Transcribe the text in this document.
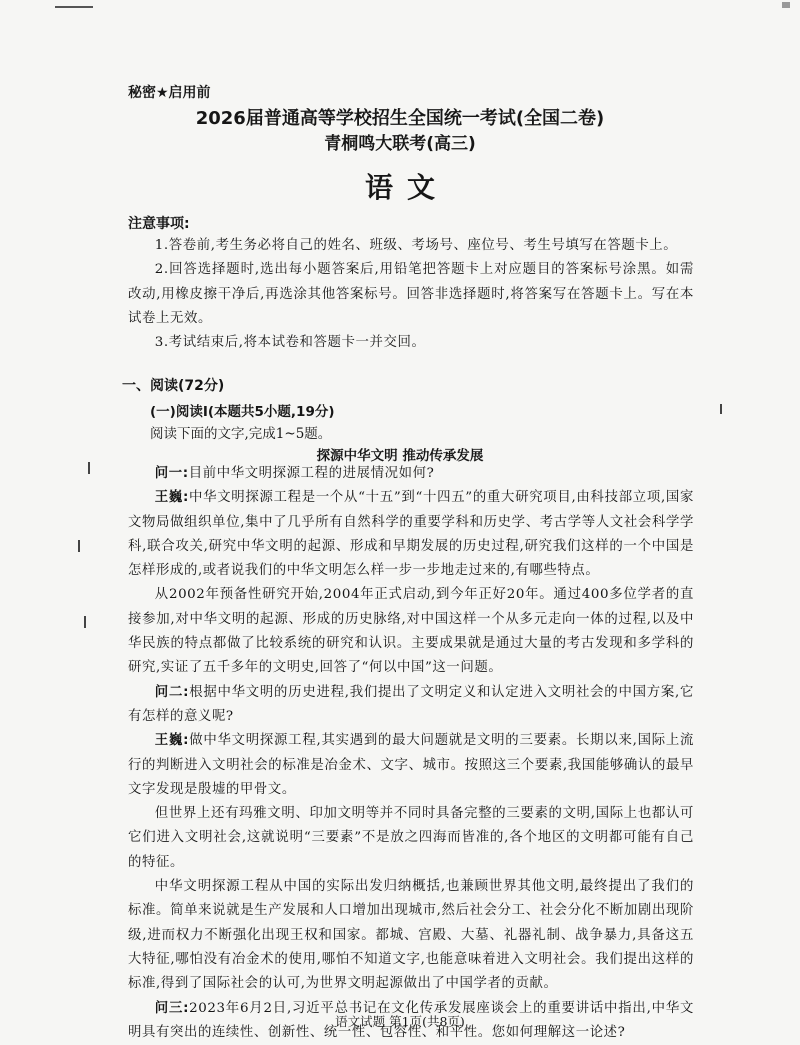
秘密★启用前
2026届普通高等学校招生全国统一考试(全国二卷)
青桐鸣大联考(高三)
语文
注意事项:

1.答卷前,考生务必将自己的姓名、班级、考场号、座位号、考生号填写在答题卡上。

2.回答选择题时,选出每小题答案后,用铅笔把答题卡上对应题目的答案标号涂黑。如需改动,用橡皮擦干净后,再选涂其他答案标号。回答非选择题时,将答案写在答题卡上。写在本试卷上无效。

3.考试结束后,将本试卷和答题卡一并交回。

一、阅读(72分)
(一)阅读Ⅰ(本题共5小题,19分)
阅读下面的文字,完成1~5题。
探源中华文明 推动传承发展

问一:目前中华文明探源工程的进展情况如何?

王巍:中华文明探源工程是一个从“十五”到“十四五”的重大研究项目,由科技部立项,国家文物局做组织单位,集中了几乎所有自然科学的重要学科和历史学、考古学等人文社会科学学科,联合攻关,研究中华文明的起源、形成和早期发展的历史过程,研究我们这样的一个中国是怎样形成的,或者说我们的中华文明怎么样一步一步地走过来的,有哪些特点。

从2002年预备性研究开始,2004年正式启动,到今年正好20年。通过400多位学者的直接参加,对中华文明的起源、形成的历史脉络,对中国这样一个从多元走向一体的过程,以及中华民族的特点都做了比较系统的研究和认识。主要成果就是通过大量的考古发现和多学科的研究,实证了五千多年的文明史,回答了“何以中国”这一问题。

问二:根据中华文明的历史进程,我们提出了文明定义和认定进入文明社会的中国方案,它有怎样的意义呢?

王巍:做中华文明探源工程,其实遇到的最大问题就是文明的三要素。长期以来,国际上流行的判断进入文明社会的标准是冶金术、文字、城市。按照这三个要素,我国能够确认的最早文字发现是殷墟的甲骨文。

但世界上还有玛雅文明、印加文明等并不同时具备完整的三要素的文明,国际上也都认可它们进入文明社会,这就说明“三要素”不是放之四海而皆准的,各个地区的文明都可能有自己的特征。

中华文明探源工程从中国的实际出发归纳概括,也兼顾世界其他文明,最终提出了我们的标准。简单来说就是生产发展和人口增加出现城市,然后社会分工、社会分化不断加剧出现阶级,进而权力不断强化出现王权和国家。都城、宫殿、大墓、礼器礼制、战争暴力,具备这五大特征,哪怕没有冶金术的使用,哪怕不知道文字,也能意味着进入文明社会。我们提出这样的标准,得到了国际社会的认可,为世界文明起源做出了中国学者的贡献。

问三:2023年6月2日,习近平总书记在文化传承发展座谈会上的重要讲话中指出,中华文明具有突出的连续性、创新性、统一性、包容性、和平性。您如何理解这一论述?

语文试题 第1页(共8页)
